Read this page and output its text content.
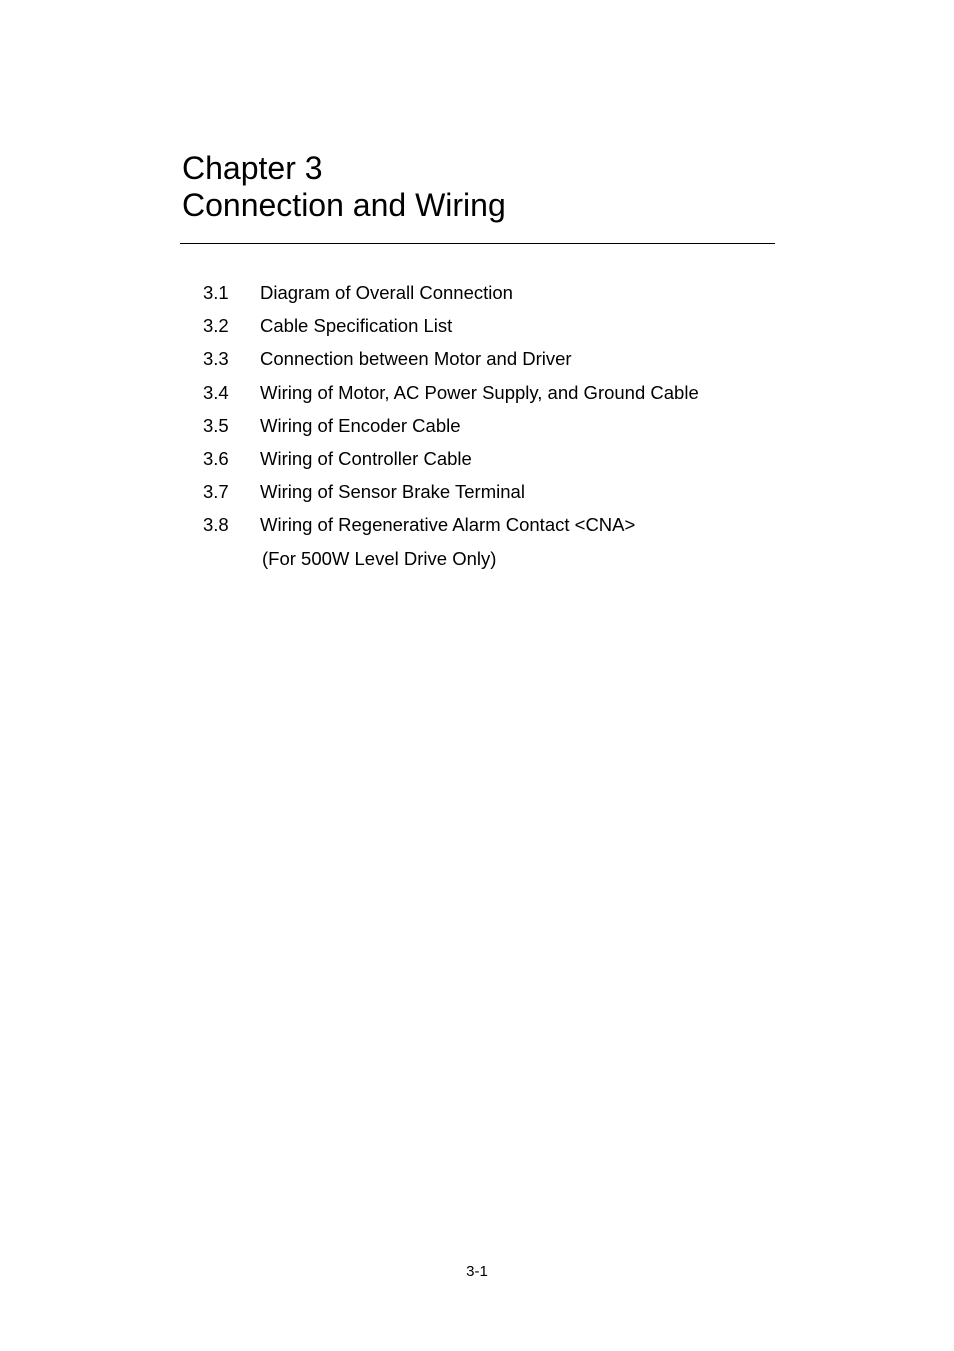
Chapter 3
Connection and Wiring
3.1 Diagram of Overall Connection
3.2 Cable Specification List
3.3 Connection between Motor and Driver
3.4 Wiring of Motor, AC Power Supply, and Ground Cable
3.5 Wiring of Encoder Cable
3.6 Wiring of Controller Cable
3.7 Wiring of Sensor Brake Terminal
3.8 Wiring of Regenerative Alarm Contact <CNA>
(For 500W Level Drive Only)
3-1
